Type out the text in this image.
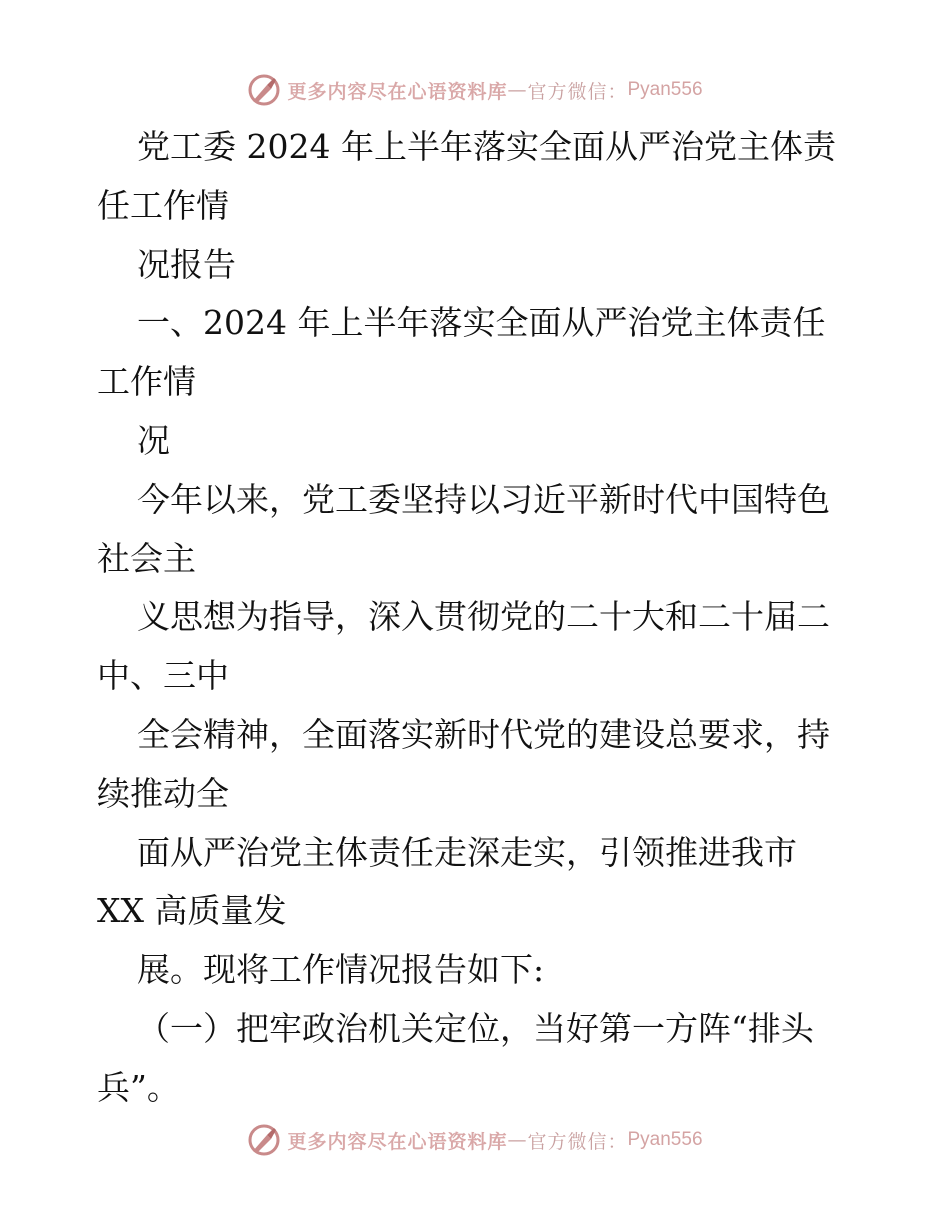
更多内容尽在心语资料库 — 官方微信： Pyan556
党工委 2024 年上半年落实全面从严治党主体责
任工作情
况报告
一、2024 年上半年落实全面从严治党主体责任
工作情
况
今年以来，党工委坚持以习近平新时代中国特色
社会主
义思想为指导，深入贯彻党的二十大和二十届二
中、三中
全会精神，全面落实新时代党的建设总要求，持
续推动全
面从严治党主体责任走深走实，引领推进我市
XX 高质量发
展。现将工作情况报告如下:
（一）把牢政治机关定位，当好第一方阵“排头
兵”。
更多内容尽在心语资料库 — 官方微信： Pyan556
